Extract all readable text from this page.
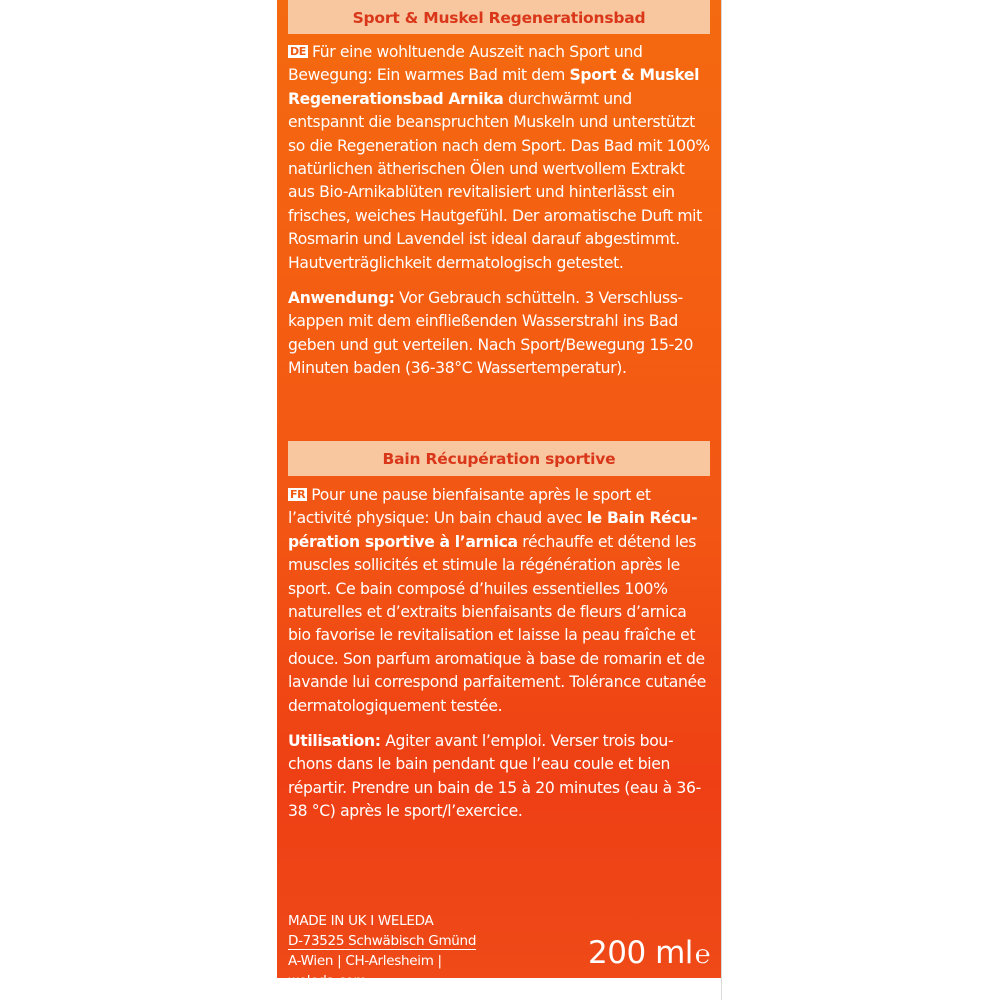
Sport & Muskel Regenerationsbad

DE Für eine wohltuende Auszeit nach Sport und Bewegung: Ein warmes Bad mit dem Sport & Muskel Regenerationsbad Arnika durchwärmt und entspannt die beanspruchten Muskeln und unterstützt so die Regeneration nach dem Sport. Das Bad mit 100% natürlichen ätherischen Ölen und wertvollem Extrakt aus Bio-Arnikablüten revitalisiert und hinterlässt ein frisches, weiches Hautgefühl. Der aromatische Duft mit Rosmarin und Lavendel ist ideal darauf abgestimmt. Hautverträglichkeit dermatologisch getestet.

Anwendung: Vor Gebrauch schütteln. 3 Verschlusskappen mit dem einfließenden Wasserstrahl ins Bad geben und gut verteilen. Nach Sport/Bewegung 15-20 Minuten baden (36-38°C Wassertemperatur).

Bain Récupération sportive

FR Pour une pause bienfaisante après le sport et l’activité physique: Un bain chaud avec le Bain Récupération sportive à l’arnica réchauffe et détend les muscles sollicités et stimule la régénération après le sport. Ce bain composé d’huiles essentielles 100% naturelles et d’extraits bienfaisants de fleurs d’arnica bio favorise le revitalisation et laisse la peau fraîche et douce. Son parfum aromatique à base de romarin et de lavande lui correspond parfaitement. Tolérance cutanée dermatologiquement testée.

Utilisation: Agiter avant l’emploi. Verser trois bouchons dans le bain pendant que l’eau coule et bien répartir. Prendre un bain de 15 à 20 minutes (eau à 36-38 °C) après le sport/l’exercice.

MADE IN UK I WELEDA
D-73525 Schwäbisch Gmünd
A-Wien | CH-Arlesheim | weleda.com
200 ml℮
